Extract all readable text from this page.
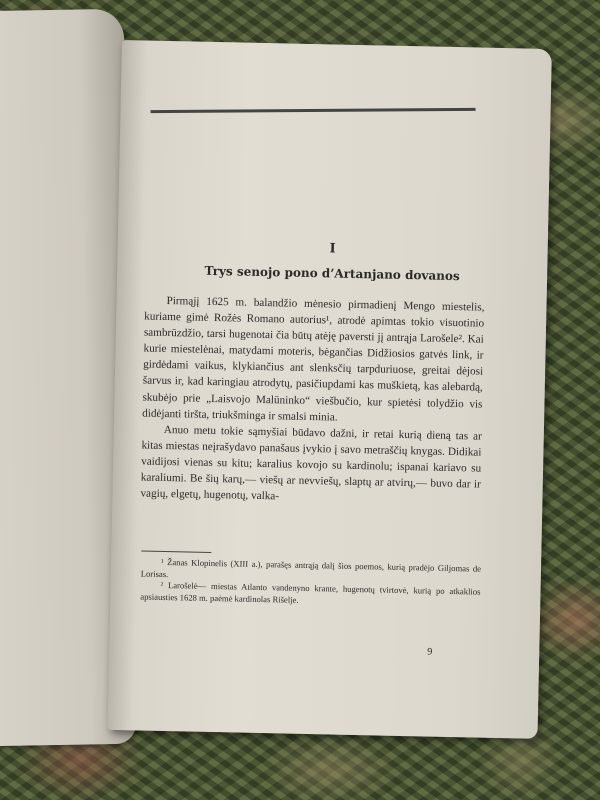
I
Trys senojo pono d’Artanjano dovanos

Pirmąjį 1625 m. balandžio mėnesio pirmadienį Mengo miestelis, kuriame gimė Rožės Romano autorius¹, atrodė apimtas tokio visuotinio sambrūzdžio, tarsi hugenotai čia būtų atėję paversti jį antrąja Larošele². Kai kurie miestelėnai, matydami moteris, bėgančias Didžiosios gatvės link, ir girdėdami vaikus, klykiančius ant slenksčių tarpduriuose, greitai dėjosi šarvus ir, kad karingiau atrodytų, pasičiupdami kas muškietą, kas alebardą, skubėjo prie „Laisvojo Malūninko“ viešbučio, kur spietėsi tolydžio vis didėjanti tiršta, triukšminga ir smalsi minia.

Anuo metu tokie sąmyšiai būdavo dažni, ir retai kurią dieną tas ar kitas miestas neįrašydavo panašaus įvykio į savo metraščių knygas. Didikai vaidijosi vienas su kitu; karalius kovojo su kardinolu; ispanai kariavo su karaliumi. Be šių karų,— viešų ar nevviešų, slaptų ar atvirų,— buvo dar ir vagių, elgetų, hugenotų, valka-

¹ Žanas Klopinelis (XIII a.), parašęs antrąją dalį šios poemos, kurią pradėjo Giljomas de Lorisas.

² Larošelė— miestas Atlanto vandenyno krante, hugenotų tvirtovė, kurią po atkaklios apsiausties 1628 m. paėmė kardinolas Rišelje.

9
